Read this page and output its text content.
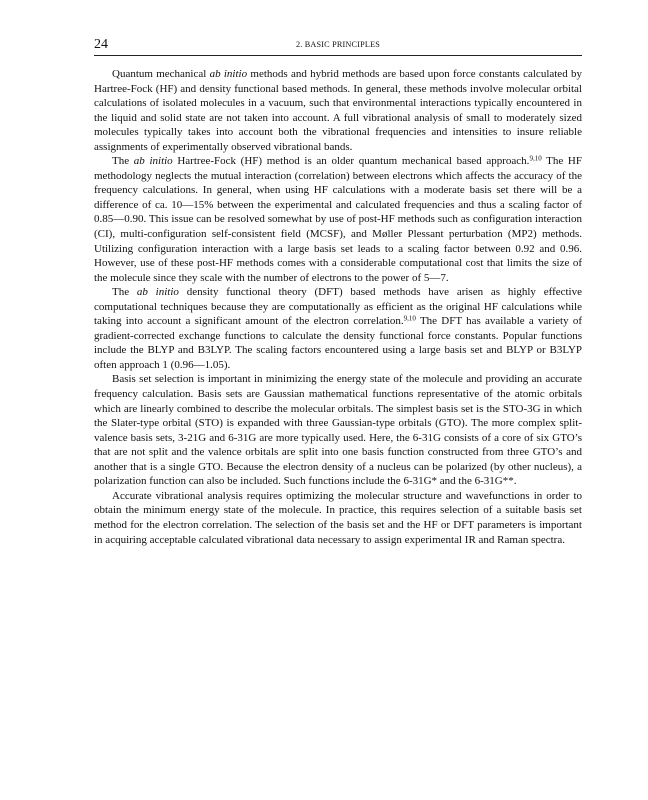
24	2. BASIC PRINCIPLES

Quantum mechanical ab initio methods and hybrid methods are based upon force constants calculated by Hartree-Fock (HF) and density functional based methods. In general, these methods involve molecular orbital calculations of isolated molecules in a vacuum, such that environmental interactions typically encountered in the liquid and solid state are not taken into account. A full vibrational analysis of small to moderately sized molecules typically takes into account both the vibrational frequencies and intensities to insure reliable assignments of experimentally observed vibrational bands.

The ab initio Hartree-Fock (HF) method is an older quantum mechanical based approach.$^{9,10}$ The HF methodology neglects the mutual interaction (correlation) between electrons which affects the accuracy of the frequency calculations. In general, when using HF calculations with a moderate basis set there will be a difference of ca. 10—15% between the experimental and calculated frequencies and thus a scaling factor of 0.85—0.90. This issue can be resolved somewhat by use of post-HF methods such as configuration interaction (CI), multi-configuration self-consistent field (MCSF), and Møller Plessant perturbation (MP2) methods. Utilizing configuration interaction with a large basis set leads to a scaling factor between 0.92 and 0.96. However, use of these post-HF methods comes with a considerable computational cost that limits the size of the molecule since they scale with the number of electrons to the power of 5—7.

The ab initio density functional theory (DFT) based methods have arisen as highly effective computational techniques because they are computationally as efficient as the original HF calculations while taking into account a significant amount of the electron correlation.$^{9,10}$ The DFT has available a variety of gradient-corrected exchange functions to calculate the density functional force constants. Popular functions include the BLYP and B3LYP. The scaling factors encountered using a large basis set and BLYP or B3LYP often approach 1 (0.96—1.05).

Basis set selection is important in minimizing the energy state of the molecule and providing an accurate frequency calculation. Basis sets are Gaussian mathematical functions representative of the atomic orbitals which are linearly combined to describe the molecular orbitals. The simplest basis set is the STO-3G in which the Slater-type orbital (STO) is expanded with three Gaussian-type orbitals (GTO). The more complex split-valence basis sets, 3-21G and 6-31G are more typically used. Here, the 6-31G consists of a core of six GTO’s that are not split and the valence orbitals are split into one basis function constructed from three GTO’s and another that is a single GTO. Because the electron density of a nucleus can be polarized (by other nucleus), a polarization function can also be included. Such functions include the 6-31G* and the 6-31G**.

Accurate vibrational analysis requires optimizing the molecular structure and wavefunctions in order to obtain the minimum energy state of the molecule. In practice, this requires selection of a suitable basis set method for the electron correlation. The selection of the basis set and the HF or DFT parameters is important in acquiring acceptable calculated vibrational data necessary to assign experimental IR and Raman spectra.
